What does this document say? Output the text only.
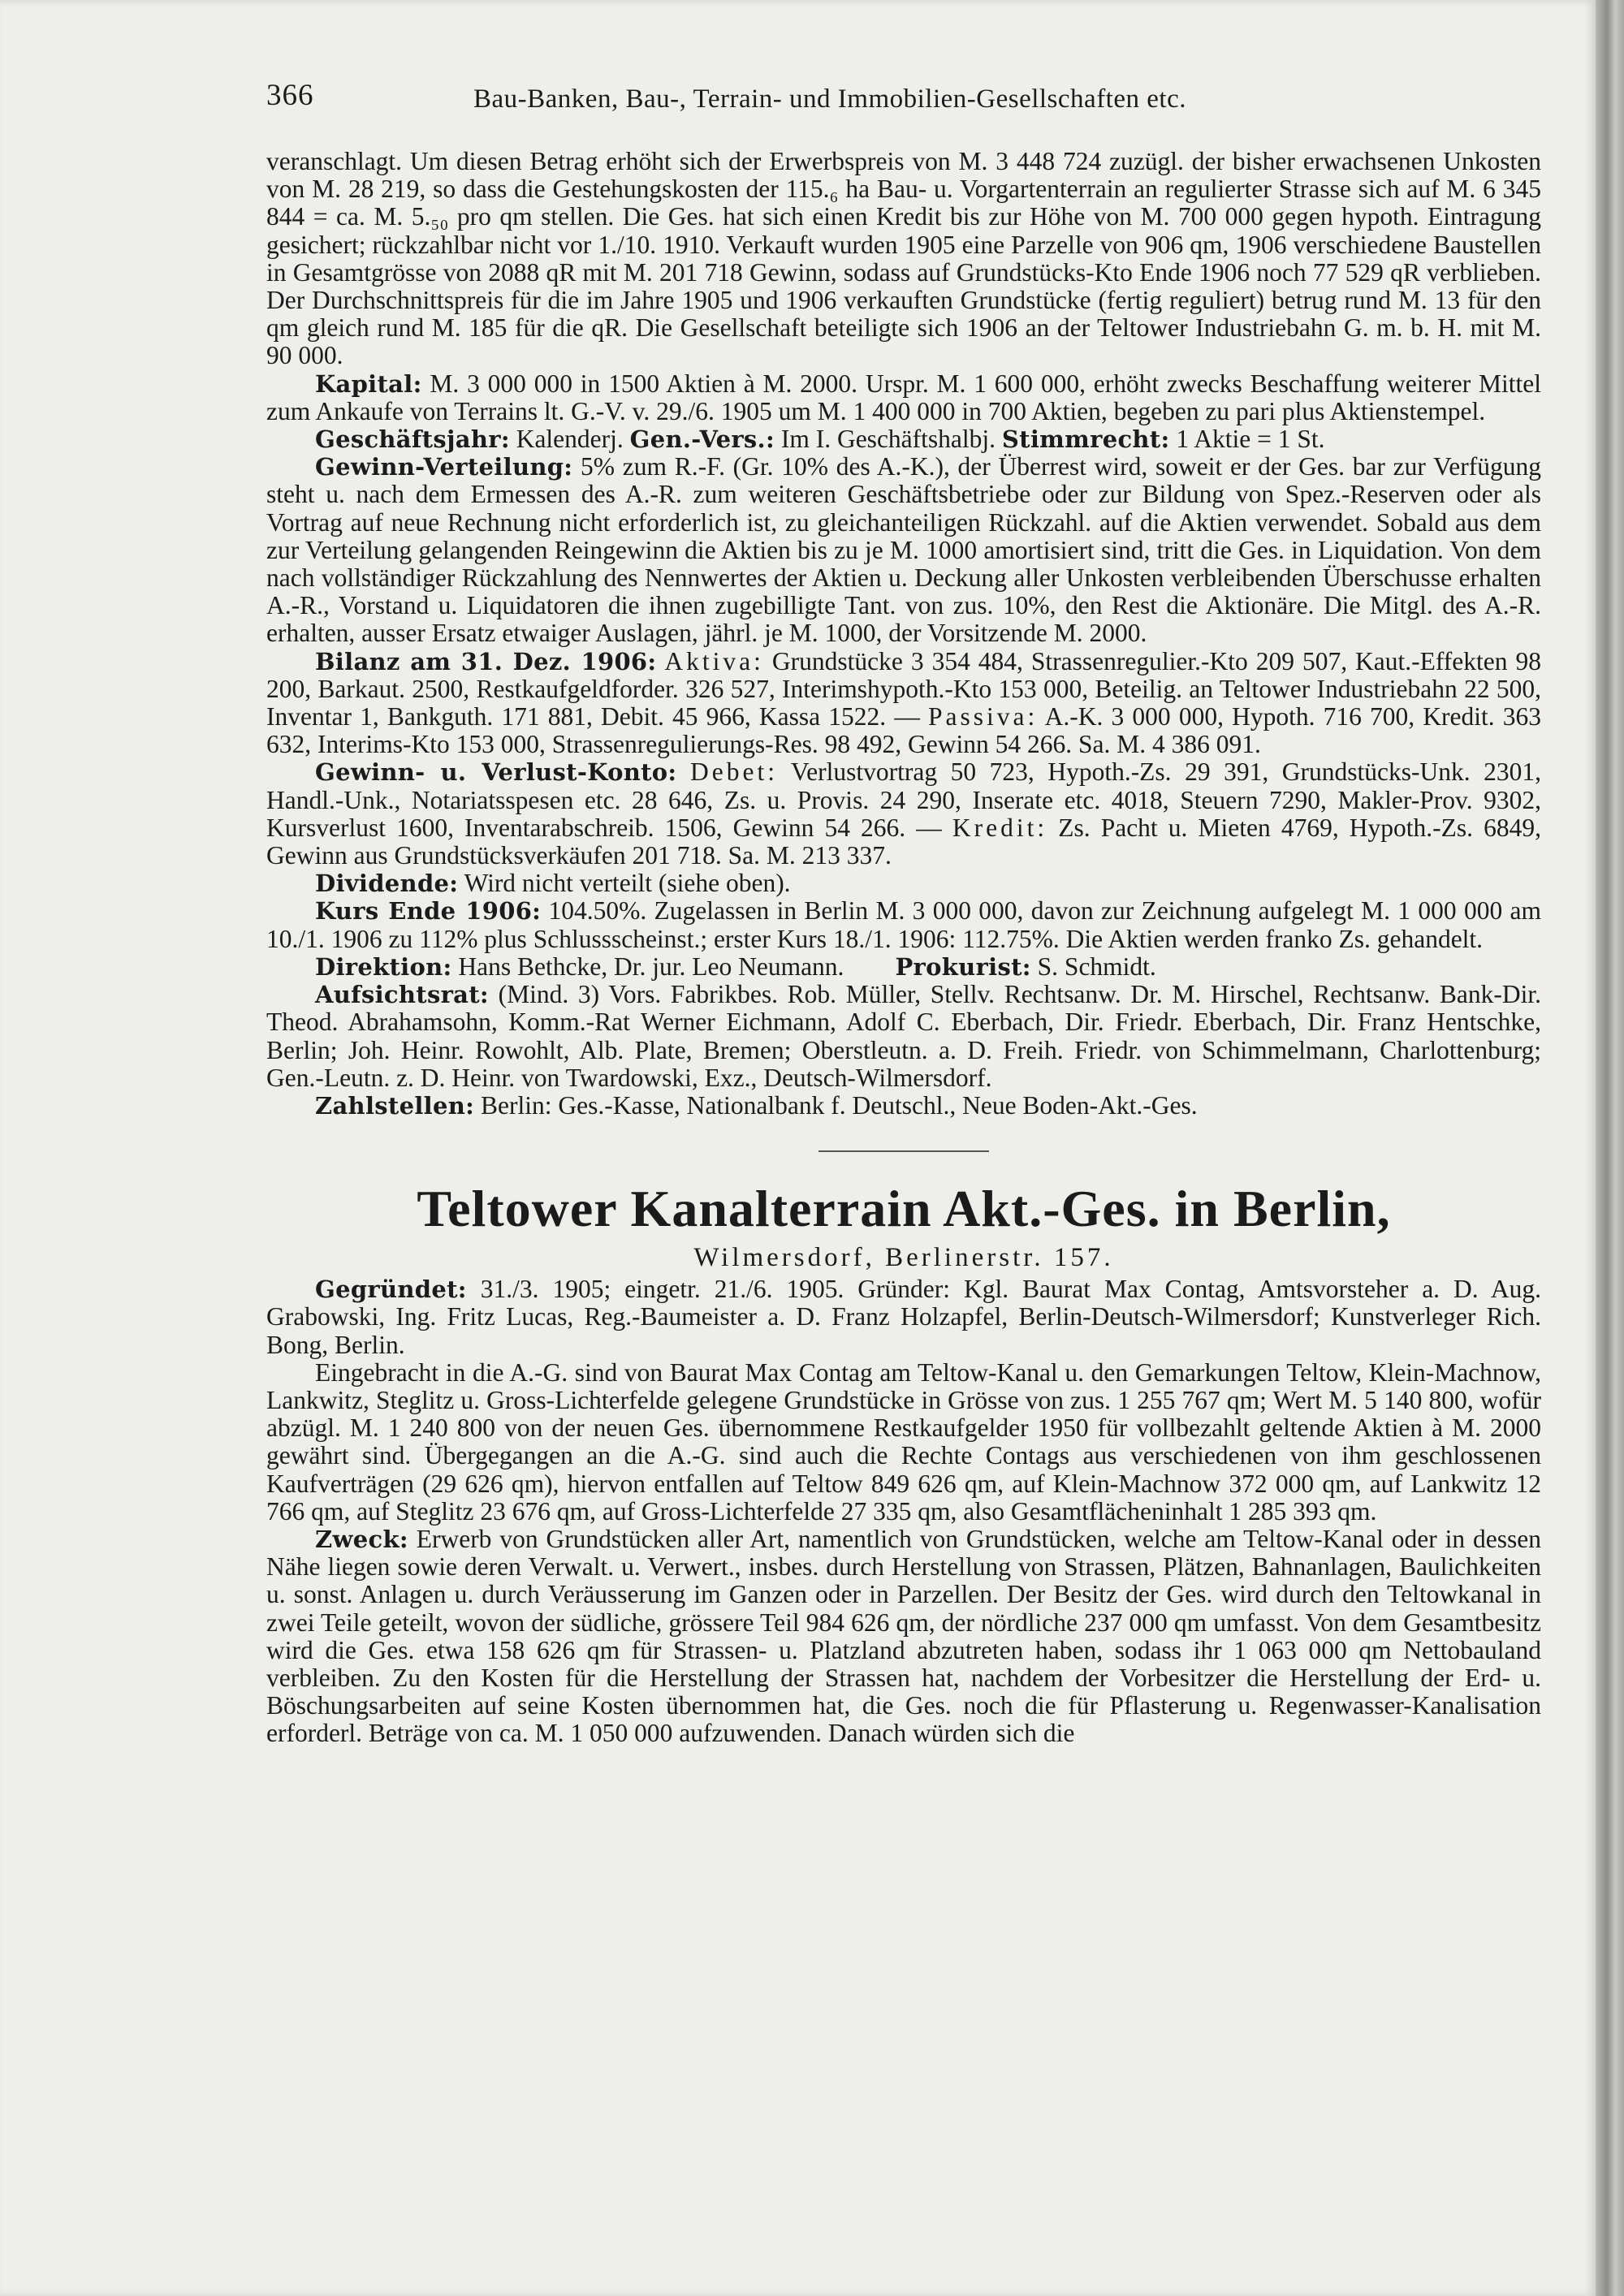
366	Bau-Banken, Bau-, Terrain- und Immobilien-Gesellschaften etc.

veranschlagt. Um diesen Betrag erhöht sich der Erwerbspreis von M. 3 448 724 zuzügl. der bisher erwachsenen Unkosten von M. 28 219, so dass die Gestehungskosten der 115.₆ ha Bau- u. Vorgartenterrain an regulierter Strasse sich auf M. 6 345 844 = ca. M. 5.₅₀ pro qm stellen. Die Ges. hat sich einen Kredit bis zur Höhe von M. 700 000 gegen hypoth. Eintragung gesichert; rückzahlbar nicht vor 1./10. 1910. Verkauft wurden 1905 eine Parzelle von 906 qm, 1906 verschiedene Baustellen in Gesamtgrösse von 2088 qR mit M. 201 718 Gewinn, sodass auf Grundstücks-Kto Ende 1906 noch 77 529 qR verblieben. Der Durchschnittspreis für die im Jahre 1905 und 1906 verkauften Grundstücke (fertig reguliert) betrug rund M. 13 für den qm gleich rund M. 185 für die qR. Die Gesellschaft beteiligte sich 1906 an der Teltower Industriebahn G. m. b. H. mit M. 90 000.

Kapital: M. 3 000 000 in 1500 Aktien à M. 2000. Urspr. M. 1 600 000, erhöht zwecks Beschaffung weiterer Mittel zum Ankaufe von Terrains lt. G.-V. v. 29./6. 1905 um M. 1 400 000 in 700 Aktien, begeben zu pari plus Aktienstempel.

Geschäftsjahr: Kalenderj. Gen.-Vers.: Im I. Geschäftshalbj. Stimmrecht: 1 Aktie = 1 St.

Gewinn-Verteilung: 5% zum R.-F. (Gr. 10% des A.-K.), der Überrest wird, soweit er der Ges. bar zur Verfügung steht u. nach dem Ermessen des A.-R. zum weiteren Geschäftsbetriebe oder zur Bildung von Spez.-Reserven oder als Vortrag auf neue Rechnung nicht erforderlich ist, zu gleichanteiligen Rückzahl. auf die Aktien verwendet. Sobald aus dem zur Verteilung gelangenden Reingewinn die Aktien bis zu je M. 1000 amortisiert sind, tritt die Ges. in Liquidation. Von dem nach vollständiger Rückzahlung des Nennwertes der Aktien u. Deckung aller Unkosten verbleibenden Überschusse erhalten A.-R., Vorstand u. Liquidatoren die ihnen zugebilligte Tant. von zus. 10%, den Rest die Aktionäre. Die Mitgl. des A.-R. erhalten, ausser Ersatz etwaiger Auslagen, jährl. je M. 1000, der Vorsitzende M. 2000.

Bilanz am 31. Dez. 1906: Aktiva: Grundstücke 3 354 484, Strassenregulier.-Kto 209 507, Kaut.-Effekten 98 200, Barkaut. 2500, Restkaufgeldforder. 326 527, Interimshypoth.-Kto 153 000, Beteilig. an Teltower Industriebahn 22 500, Inventar 1, Bankguth. 171 881, Debit. 45 966, Kassa 1522. — Passiva: A.-K. 3 000 000, Hypoth. 716 700, Kredit. 363 632, Interims-Kto 153 000, Strassenregulierungs-Res. 98 492, Gewinn 54 266. Sa. M. 4 386 091.

Gewinn- u. Verlust-Konto: Debet: Verlustvortrag 50 723, Hypoth.-Zs. 29 391, Grundstücks-Unk. 2301, Handl.-Unk., Notariatsspesen etc. 28 646, Zs. u. Provis. 24 290, Inserate etc. 4018, Steuern 7290, Makler-Prov. 9302, Kursverlust 1600, Inventarabschreib. 1506, Gewinn 54 266. — Kredit: Zs. Pacht u. Mieten 4769, Hypoth.-Zs. 6849, Gewinn aus Grundstücksverkäufen 201 718. Sa. M. 213 337.

Dividende: Wird nicht verteilt (siehe oben).

Kurs Ende 1906: 104.50%. Zugelassen in Berlin M. 3 000 000, davon zur Zeichnung aufgelegt M. 1 000 000 am 10./1. 1906 zu 112% plus Schlussscheinst.; erster Kurs 18./1. 1906: 112.75%. Die Aktien werden franko Zs. gehandelt.

Direktion: Hans Bethcke, Dr. jur. Leo Neumann. Prokurist: S. Schmidt.

Aufsichtsrat: (Mind. 3) Vors. Fabrikbes. Rob. Müller, Stellv. Rechtsanw. Dr. M. Hirschel, Rechtsanw. Bank-Dir. Theod. Abrahamsohn, Komm.-Rat Werner Eichmann, Adolf C. Eberbach, Dir. Friedr. Eberbach, Dir. Franz Hentschke, Berlin; Joh. Heinr. Rowohlt, Alb. Plate, Bremen; Oberstleutn. a. D. Freih. Friedr. von Schimmelmann, Charlottenburg; Gen.-Leutn. z. D. Heinr. von Twardowski, Exz., Deutsch-Wilmersdorf.

Zahlstellen: Berlin: Ges.-Kasse, Nationalbank f. Deutschl., Neue Boden-Akt.-Ges.

Teltower Kanalterrain Akt.-Ges. in Berlin,
Wilmersdorf, Berlinerstr. 157.

Gegründet: 31./3. 1905; eingetr. 21./6. 1905. Gründer: Kgl. Baurat Max Contag, Amtsvorsteher a. D. Aug. Grabowski, Ing. Fritz Lucas, Reg.-Baumeister a. D. Franz Holzapfel, Berlin-Deutsch-Wilmersdorf; Kunstverleger Rich. Bong, Berlin.

Eingebracht in die A.-G. sind von Baurat Max Contag am Teltow-Kanal u. den Gemarkungen Teltow, Klein-Machnow, Lankwitz, Steglitz u. Gross-Lichterfelde gelegene Grundstücke in Grösse von zus. 1 255 767 qm; Wert M. 5 140 800, wofür abzügl. M. 1 240 800 von der neuen Ges. übernommene Restkaufgelder 1950 für vollbezahlt geltende Aktien à M. 2000 gewährt sind. Übergegangen an die A.-G. sind auch die Rechte Contags aus verschiedenen von ihm geschlossenen Kaufverträgen (29 626 qm), hiervon entfallen auf Teltow 849 626 qm, auf Klein-Machnow 372 000 qm, auf Lankwitz 12 766 qm, auf Steglitz 23 676 qm, auf Gross-Lichterfelde 27 335 qm, also Gesamtflächeninhalt 1 285 393 qm.

Zweck: Erwerb von Grundstücken aller Art, namentlich von Grundstücken, welche am Teltow-Kanal oder in dessen Nähe liegen sowie deren Verwalt. u. Verwert., insbes. durch Herstellung von Strassen, Plätzen, Bahnanlagen, Baulichkeiten u. sonst. Anlagen u. durch Veräusserung im Ganzen oder in Parzellen. Der Besitz der Ges. wird durch den Teltowkanal in zwei Teile geteilt, wovon der südliche, grössere Teil 984 626 qm, der nördliche 237 000 qm umfasst. Von dem Gesamtbesitz wird die Ges. etwa 158 626 qm für Strassen- u. Platzland abzutreten haben, sodass ihr 1 063 000 qm Nettobauland verbleiben. Zu den Kosten für die Herstellung der Strassen hat, nachdem der Vorbesitzer die Herstellung der Erd- u. Böschungsarbeiten auf seine Kosten übernommen hat, die Ges. noch die für Pflasterung u. Regenwasser-Kanalisation erforderl. Beträge von ca. M. 1 050 000 aufzuwenden. Danach würden sich die
